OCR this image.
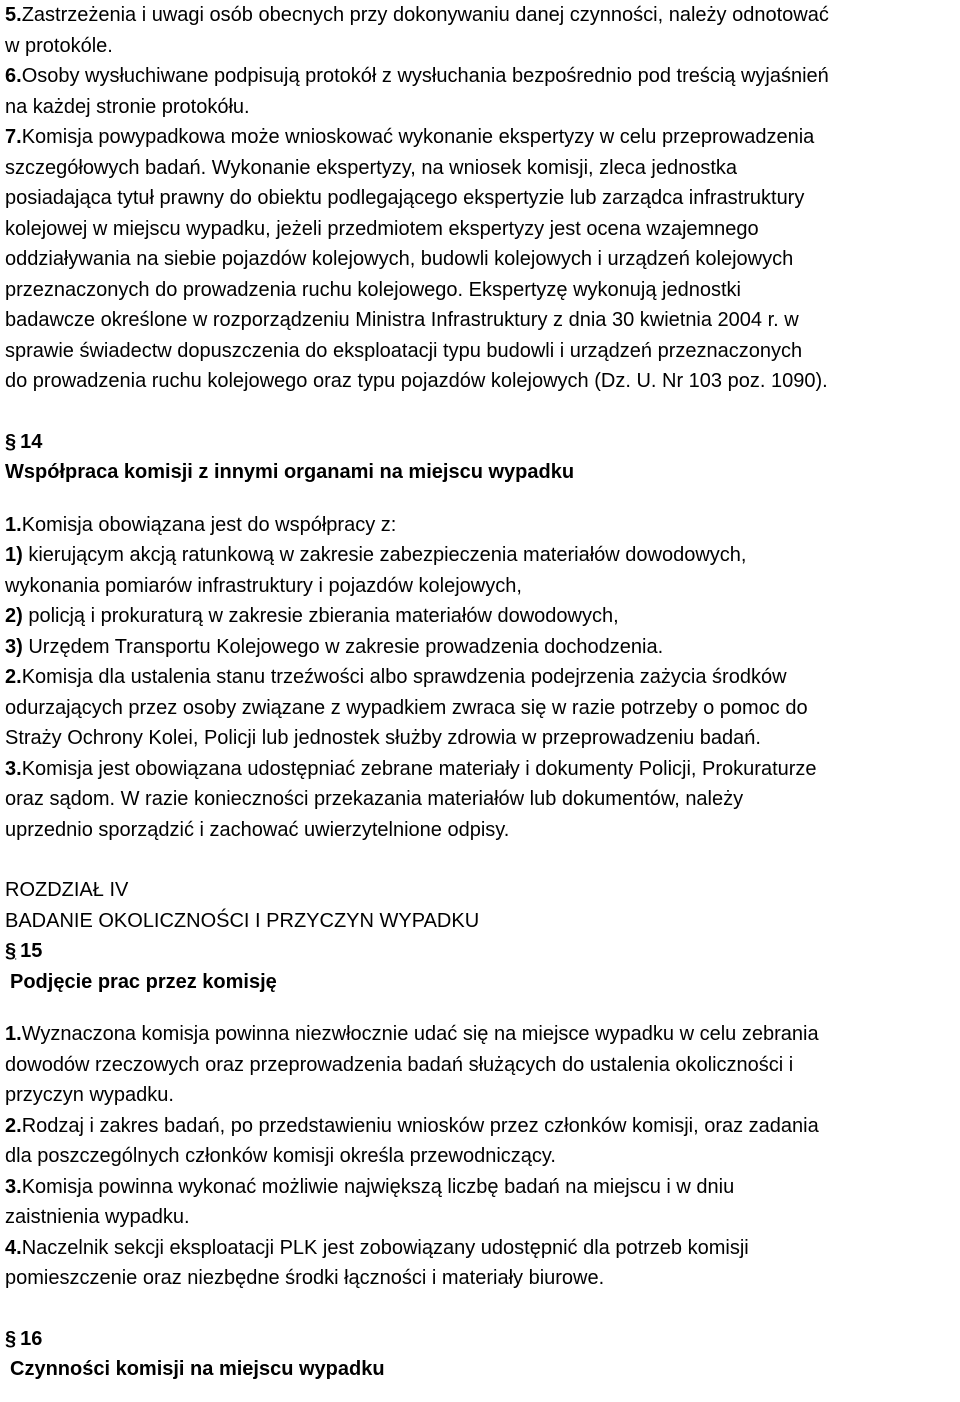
5.Zastrzeżenia i uwagi osób obecnych przy dokonywaniu danej czynności, należy odnotować
w protokóle.
6.Osoby wysłuchiwane podpisują protokół z wysłuchania bezpośrednio pod treścią wyjaśnień
na każdej stronie protokółu.
7.Komisja powypadkowa może wnioskować wykonanie ekspertyzy w celu przeprowadzenia
szczegółowych badań. Wykonanie ekspertyzy, na wniosek komisji, zleca jednostka
posiadająca tytuł prawny do obiektu podlegającego ekspertyzie lub zarządca infrastruktury
kolejowej w miejscu wypadku, jeżeli przedmiotem ekspertyzy jest ocena wzajemnego
oddziaływania na siebie pojazdów kolejowych, budowli kolejowych i urządzeń kolejowych
przeznaczonych do prowadzenia ruchu kolejowego. Ekspertyzę wykonują jednostki
badawcze określone w rozporządzeniu Ministra Infrastruktury z dnia 30 kwietnia 2004 r. w
sprawie świadectw dopuszczenia do eksploatacji typu budowli i urządzeń przeznaczonych
do prowadzenia ruchu kolejowego oraz typu pojazdów kolejowych (Dz. U. Nr 103 poz. 1090).
§ 14
Współpraca komisji z innymi organami na miejscu wypadku
1.Komisja obowiązana jest do współpracy z:
1) kierującym akcją ratunkową w zakresie zabezpieczenia materiałów dowodowych,
wykonania pomiarów infrastruktury i pojazdów kolejowych,
2) policją i prokuraturą w zakresie zbierania materiałów dowodowych,
3) Urzędem Transportu Kolejowego w zakresie prowadzenia dochodzenia.
2.Komisja dla ustalenia stanu trzeźwości albo sprawdzenia podejrzenia zażycia środków
odurzających przez osoby związane z wypadkiem zwraca się w razie potrzeby o pomoc do
Straży Ochrony Kolei, Policji lub jednostek służby zdrowia w przeprowadzeniu badań.
3.Komisja jest obowiązana udostępniać zebrane materiały i dokumenty Policji, Prokuraturze
oraz sądom. W razie konieczności przekazania materiałów lub dokumentów, należy
uprzednio sporządzić i zachować uwierzytelnione odpisy.
ROZDZIAŁ IV
BADANIE OKOLICZNOŚCI I PRZYCZYN WYPADKU
§ 15
Podjęcie prac przez komisję
1.Wyznaczona komisja powinna niezwłocznie udać się na miejsce wypadku w celu zebrania
dowodów rzeczowych oraz przeprowadzenia badań służących do ustalenia okoliczności i
przyczyn wypadku.
2.Rodzaj i zakres badań, po przedstawieniu wniosków przez członków komisji, oraz zadania
dla poszczególnych członków komisji określa przewodniczący.
3.Komisja powinna wykonać możliwie największą liczbę badań na miejscu i w dniu
zaistnienia wypadku.
4.Naczelnik sekcji eksploatacji PLK jest zobowiązany udostępnić dla potrzeb komisji
pomieszczenie oraz niezbędne środki łączności i materiały biurowe.
§ 16
Czynności komisji na miejscu wypadku
